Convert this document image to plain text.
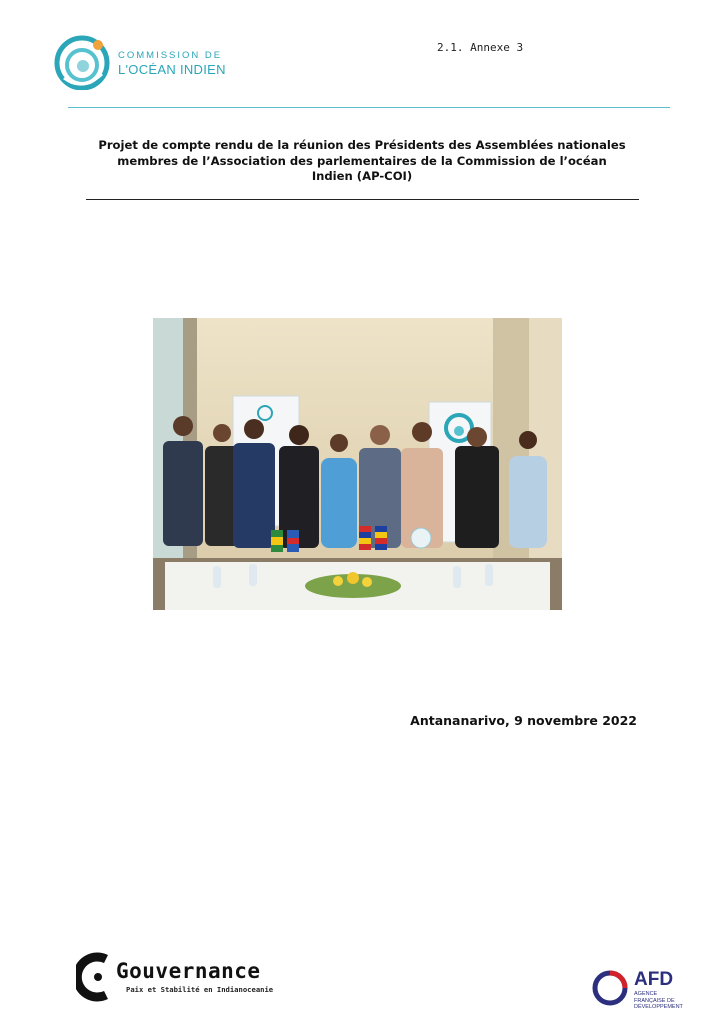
COMMISSION DE
L'OCÉAN INDIEN
2.1. Annexe 3
Projet de compte rendu de la réunion des Présidents des Assemblées nationales
membres de l’Association des parlementaires de la Commission de l’océan
Indien (AP-COI)
Antananarivo, 9 novembre 2022
Gouvernance
Paix et Stabilité en Indianoceanie	AFD
AGENCE FRANÇAISE DE DÉVELOPPEMENT
